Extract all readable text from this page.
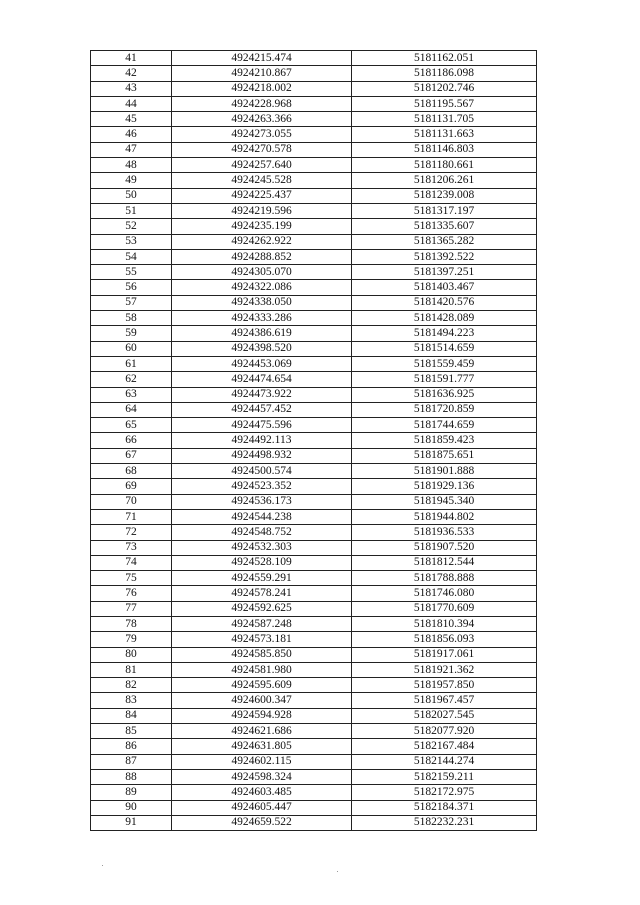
41	4924215.474	5181162.051
42	4924210.867	5181186.098
43	4924218.002	5181202.746
44	4924228.968	5181195.567
45	4924263.366	5181131.705
46	4924273.055	5181131.663
47	4924270.578	5181146.803
48	4924257.640	5181180.661
49	4924245.528	5181206.261
50	4924225.437	5181239.008
51	4924219.596	5181317.197
52	4924235.199	5181335.607
53	4924262.922	5181365.282
54	4924288.852	5181392.522
55	4924305.070	5181397.251
56	4924322.086	5181403.467
57	4924338.050	5181420.576
58	4924333.286	5181428.089
59	4924386.619	5181494.223
60	4924398.520	5181514.659
61	4924453.069	5181559.459
62	4924474.654	5181591.777
63	4924473.922	5181636.925
64	4924457.452	5181720.859
65	4924475.596	5181744.659
66	4924492.113	5181859.423
67	4924498.932	5181875.651
68	4924500.574	5181901.888
69	4924523.352	5181929.136
70	4924536.173	5181945.340
71	4924544.238	5181944.802
72	4924548.752	5181936.533
73	4924532.303	5181907.520
74	4924528.109	5181812.544
75	4924559.291	5181788.888
76	4924578.241	5181746.080
77	4924592.625	5181770.609
78	4924587.248	5181810.394
79	4924573.181	5181856.093
80	4924585.850	5181917.061
81	4924581.980	5181921.362
82	4924595.609	5181957.850
83	4924600.347	5181967.457
84	4924594.928	5182027.545
85	4924621.686	5182077.920
86	4924631.805	5182167.484
87	4924602.115	5182144.274
88	4924598.324	5182159.211
89	4924603.485	5182172.975
90	4924605.447	5182184.371
91	4924659.522	5182232.231
